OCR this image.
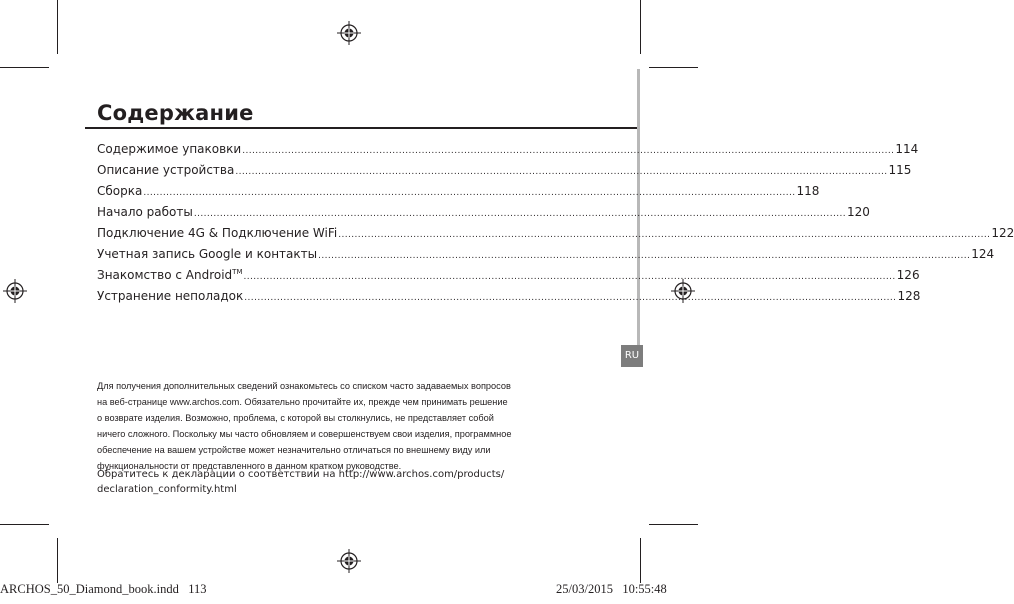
Содержание
Содержимое упаковки ........................................................................................................................................................................................................ 114
Описание устройства ........................................................................................................................................................................................................ 115
Сборка ........................................................................................................................................................................................................ 118
Начало работы ........................................................................................................................................................................................................ 120
Подключение 4G & Подключение WiFi ........................................................................................................................................................................................................ 122
Учетная запись Google и контакты ........................................................................................................................................................................................................ 124
Знакомство с Android™ ........................................................................................................................................................................................................ 126
Устранение неполадок ........................................................................................................................................................................................................ 128
RU

Для получения дополнительных сведений ознакомьтесь со списком часто задаваемых вопросов

на веб-странице www.archos.com. Обязательно прочитайте их, прежде чем принимать решение

о возврате изделия. Возможно, проблема, с которой вы столкнулись, не представляет собой

ничего сложного. Поскольку мы часто обновляем и совершенствуем свои изделия, программное

обеспечение на вашем устройстве может незначительно отличаться по внешнему виду или

функциональности от представленного в данном кратком руководстве.

Обратитесь к декларации о соответствии на http://www.archos.com/products/
declaration_conformity.html
ARCHOS_50_Diamond_book.indd   113	25/03/2015   10:55:48
